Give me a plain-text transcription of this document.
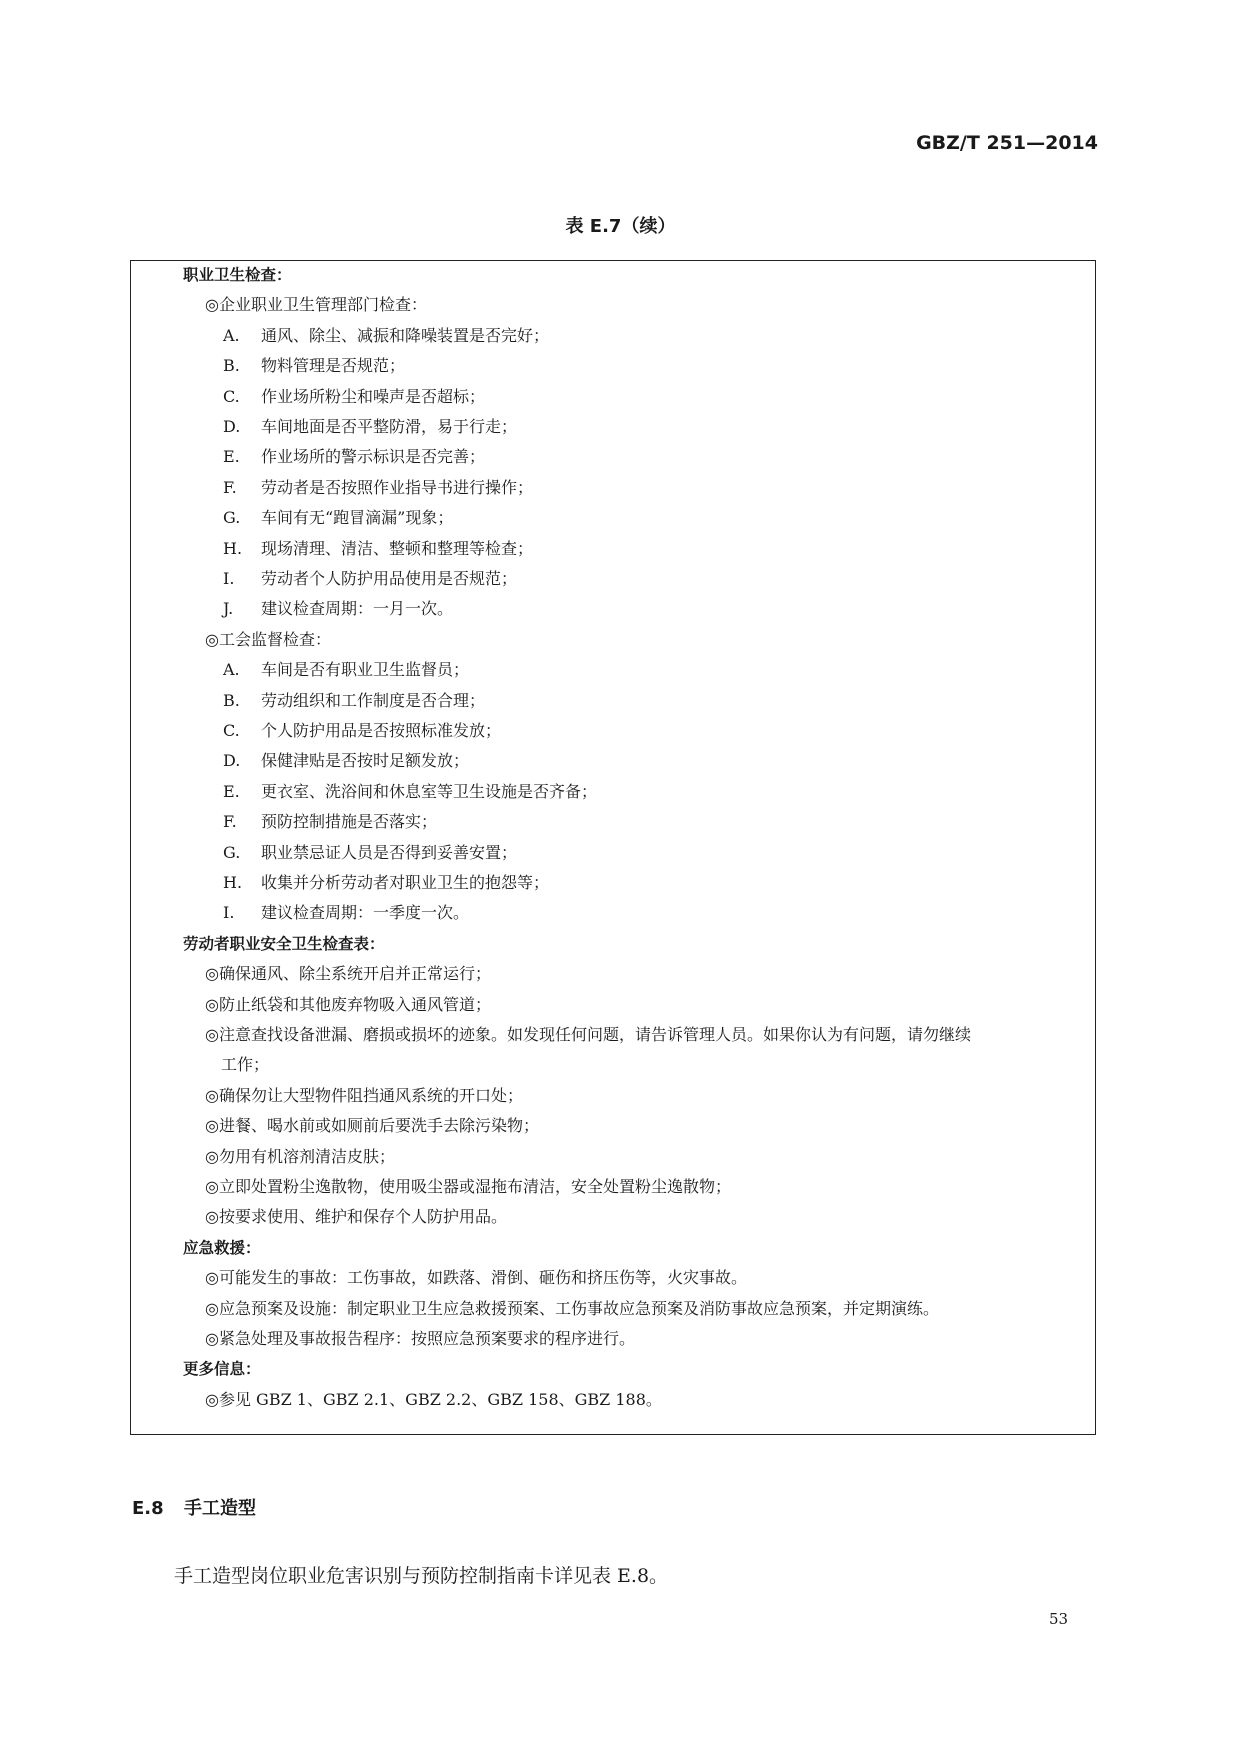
GBZ/T 251—2014
表 E.7（续）
职业卫生检查：
◎企业职业卫生管理部门检查：
A. 通风、除尘、减振和降噪装置是否完好；
B. 物料管理是否规范；
C. 作业场所粉尘和噪声是否超标；
D. 车间地面是否平整防滑，易于行走；
E. 作业场所的警示标识是否完善；
F. 劳动者是否按照作业指导书进行操作；
G. 车间有无“跑冒滴漏”现象；
H. 现场清理、清洁、整顿和整理等检查；
I. 劳动者个人防护用品使用是否规范；
J. 建议检查周期：一月一次。
◎工会监督检查：
A. 车间是否有职业卫生监督员；
B. 劳动组织和工作制度是否合理；
C. 个人防护用品是否按照标准发放；
D. 保健津贴是否按时足额发放；
E. 更衣室、洗浴间和休息室等卫生设施是否齐备；
F. 预防控制措施是否落实；
G. 职业禁忌证人员是否得到妥善安置；
H. 收集并分析劳动者对职业卫生的抱怨等；
I. 建议检查周期：一季度一次。
劳动者职业安全卫生检查表：
◎确保通风、除尘系统开启并正常运行；
◎防止纸袋和其他废弃物吸入通风管道；
◎注意查找设备泄漏、磨损或损坏的迹象。如发现任何问题，请告诉管理人员。如果你认为有问题，请勿继续
工作；
◎确保勿让大型物件阻挡通风系统的开口处；
◎进餐、喝水前或如厕前后要洗手去除污染物；
◎勿用有机溶剂清洁皮肤；
◎立即处置粉尘逸散物，使用吸尘器或湿拖布清洁，安全处置粉尘逸散物；
◎按要求使用、维护和保存个人防护用品。
应急救援：
◎可能发生的事故：工伤事故，如跌落、滑倒、砸伤和挤压伤等，火灾事故。
◎应急预案及设施：制定职业卫生应急救援预案、工伤事故应急预案及消防事故应急预案，并定期演练。
◎紧急处理及事故报告程序：按照应急预案要求的程序进行。
更多信息：
◎参见 GBZ 1、GBZ 2.1、GBZ 2.2、GBZ 158、GBZ 188。
E.8 手工造型
手工造型岗位职业危害识别与预防控制指南卡详见表 E.8。
53
